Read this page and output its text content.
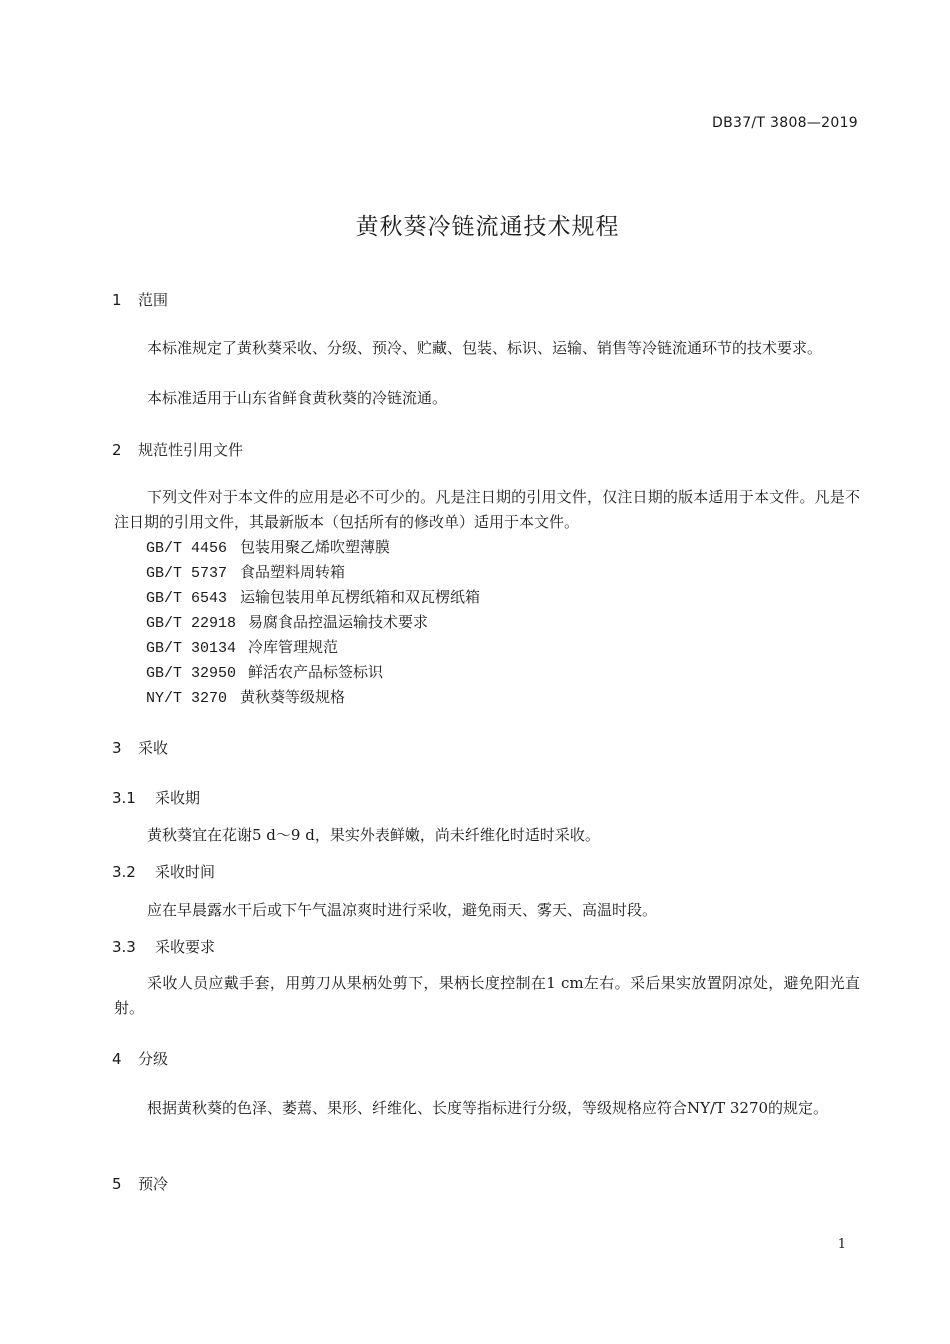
DB37/T 3808—2019
黄秋葵冷链流通技术规程
1 范围
本标准规定了黄秋葵采收、分级、预冷、贮藏、包装、标识、运输、销售等冷链流通环节的技术要求。
本标准适用于山东省鲜食黄秋葵的冷链流通。
2 规范性引用文件
下列文件对于本文件的应用是必不可少的。凡是注日期的引用文件，仅注日期的版本适用于本文件。凡是不注日期的引用文件，其最新版本（包括所有的修改单）适用于本文件。
GB/T 4456 包装用聚乙烯吹塑薄膜
GB/T 5737 食品塑料周转箱
GB/T 6543 运输包装用单瓦楞纸箱和双瓦楞纸箱
GB/T 22918 易腐食品控温运输技术要求
GB/T 30134 冷库管理规范
GB/T 32950 鲜活农产品标签标识
NY/T 3270 黄秋葵等级规格
3 采收
3.1 采收期
黄秋葵宜在花谢5 d～9 d，果实外表鲜嫩，尚未纤维化时适时采收。
3.2 采收时间
应在早晨露水干后或下午气温凉爽时进行采收，避免雨天、雾天、高温时段。
3.3 采收要求
采收人员应戴手套，用剪刀从果柄处剪下，果柄长度控制在1 cm左右。采后果实放置阴凉处，避免阳光直射。
4 分级
根据黄秋葵的色泽、萎蔫、果形、纤维化、长度等指标进行分级，等级规格应符合NY/T 3270的规定。
5 预冷
1
